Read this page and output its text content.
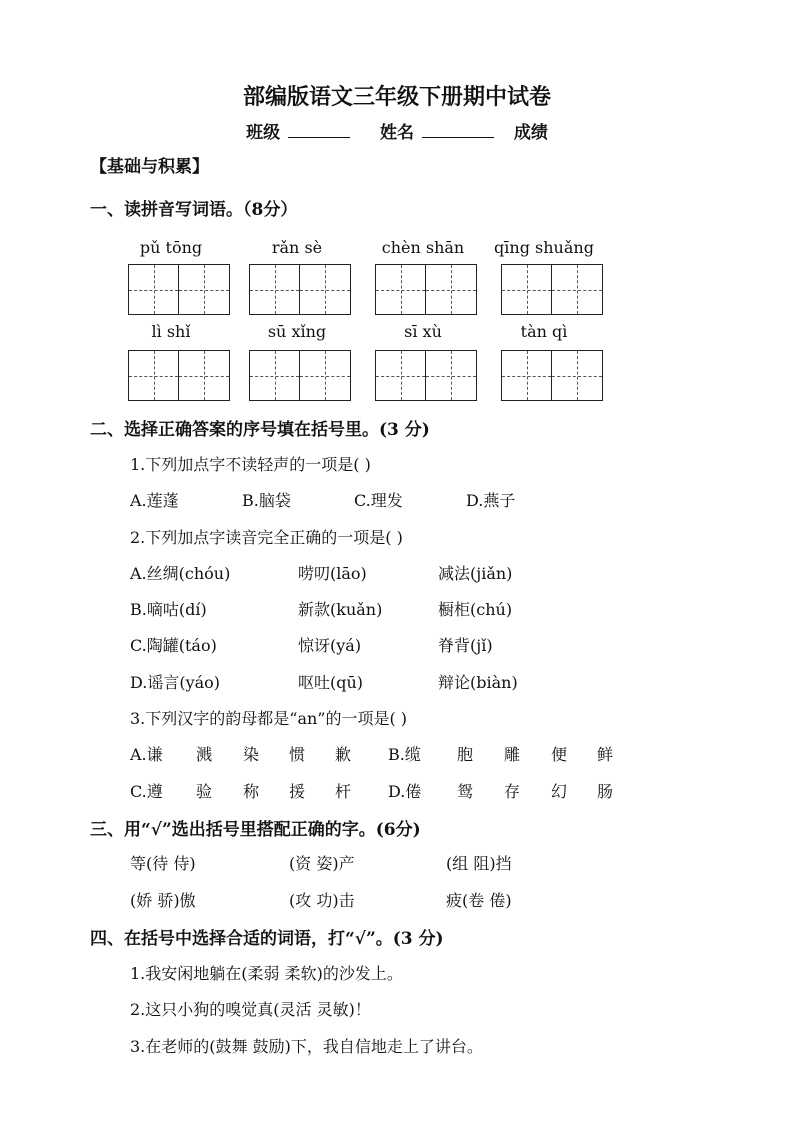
部编版语文三年级下册期中试卷
班级	姓名	成绩
【基础与积累】
一、读拼音写词语。（8分）
pǔ tōng	rǎn sè	chèn shān	qīng shuǎng
lì shǐ	sū xǐng	sī xù	tàn qì
二、选择正确答案的序号填在括号里。(3 分)
1.下列加点字不读轻声的一项是( )
A.莲蓬	B.脑袋	C.理发	D.燕子
2.下列加点字读音完全正确的一项是( )
A.丝绸(chóu)	唠叨(lāo)	减法(jiǎn)
B.嘀咕(dí)	新款(kuǎn)	橱柜(chú)
C.陶罐(táo)	惊讶(yá)	脊背(jǐ)
D.谣言(yáo)	呕吐(qū)	辩论(biàn)
3.下列汉字的韵母都是“an”的一项是( )
A.谦 溅 染 惯 歉 B.缆 胞 雕 便 鲜
C.遵 验 称 援 杆 D.倦 鸳 存 幻 肠
三、用“√”选出括号里搭配正确的字。(6分)
等(待 侍)	(资 姿)产	(组 阻)挡
(娇 骄)傲	(攻 功)击	疲(卷 倦)
四、在括号中选择合适的词语，打“√”。(3 分)
1.我安闲地躺在(柔弱 柔软)的沙发上。
2.这只小狗的嗅觉真(灵活 灵敏)！
3.在老师的(鼓舞 鼓励)下，我自信地走上了讲台。
